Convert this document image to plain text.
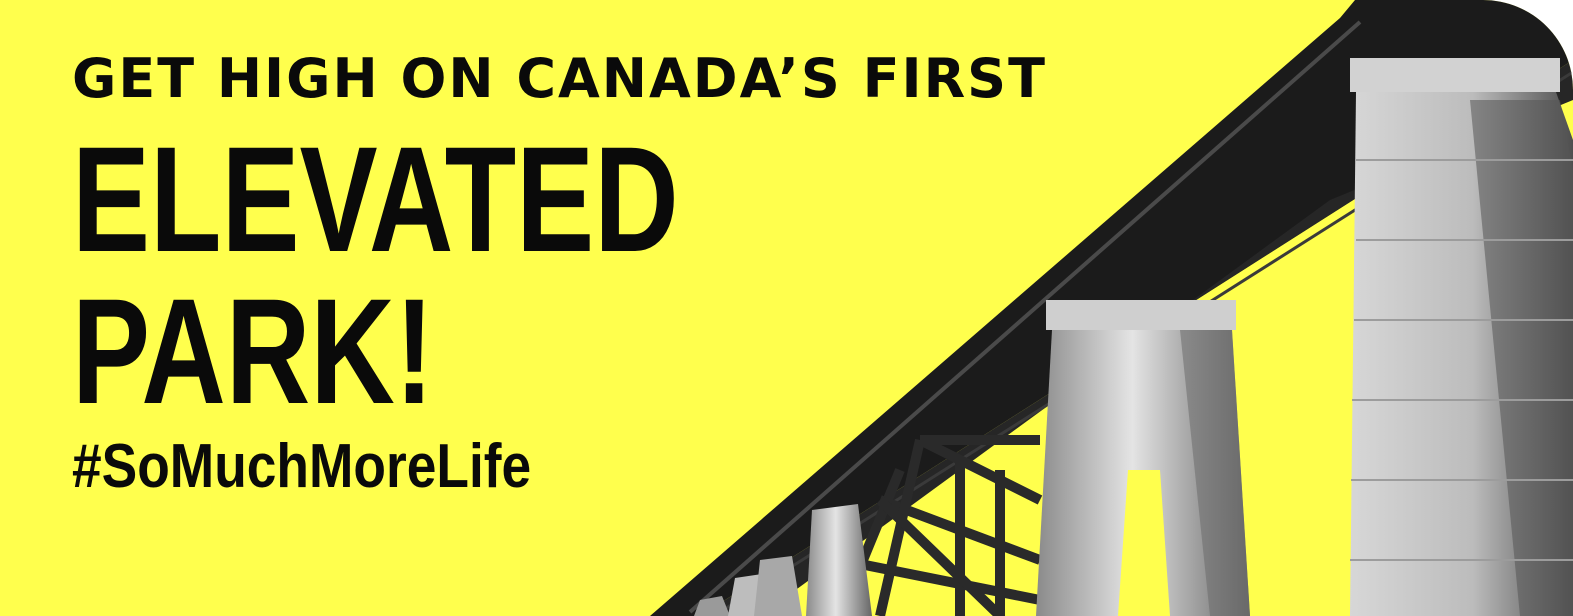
GET HIGH ON CANADA’S FIRST
ELEVATED
PARK!
#SoMuchMoreLife
